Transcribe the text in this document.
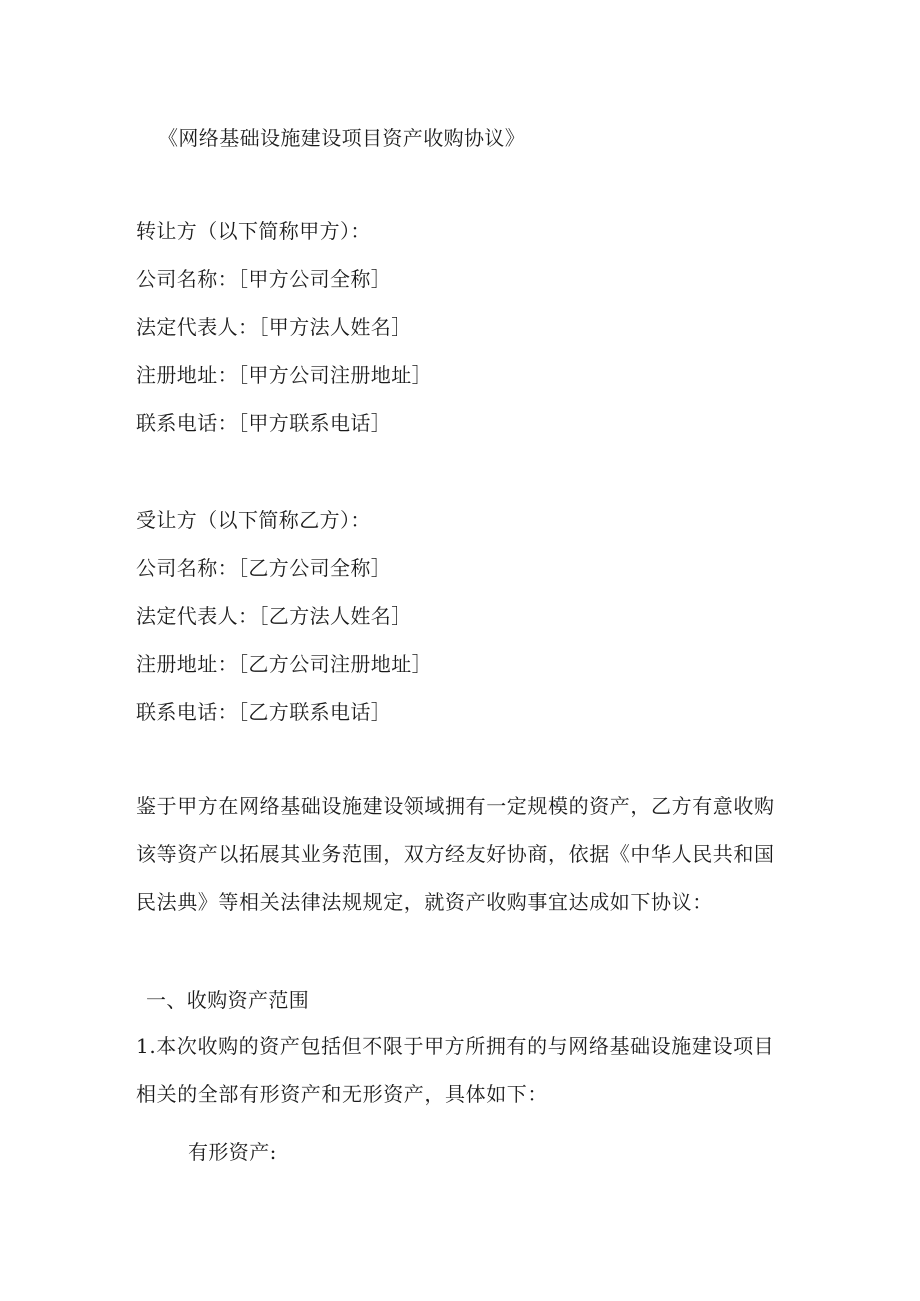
《网络基础设施建设项目资产收购协议》
转让方（以下简称甲方）：
公司名称：［甲方公司全称］
法定代表人：［甲方法人姓名］
注册地址：［甲方公司注册地址］
联系电话：［甲方联系电话］
受让方（以下简称乙方）：
公司名称：［乙方公司全称］
法定代表人：［乙方法人姓名］
注册地址：［乙方公司注册地址］
联系电话：［乙方联系电话］
鉴于甲方在网络基础设施建设领域拥有一定规模的资产，乙方有意收购该等资产以拓展其业务范围，双方经友好协商，依据《中华人民共和国民法典》等相关法律法规规定，就资产收购事宜达成如下协议：
一、收购资产范围
1.本次收购的资产包括但不限于甲方所拥有的与网络基础设施建设项目相关的全部有形资产和无形资产，具体如下：
有形资产:
